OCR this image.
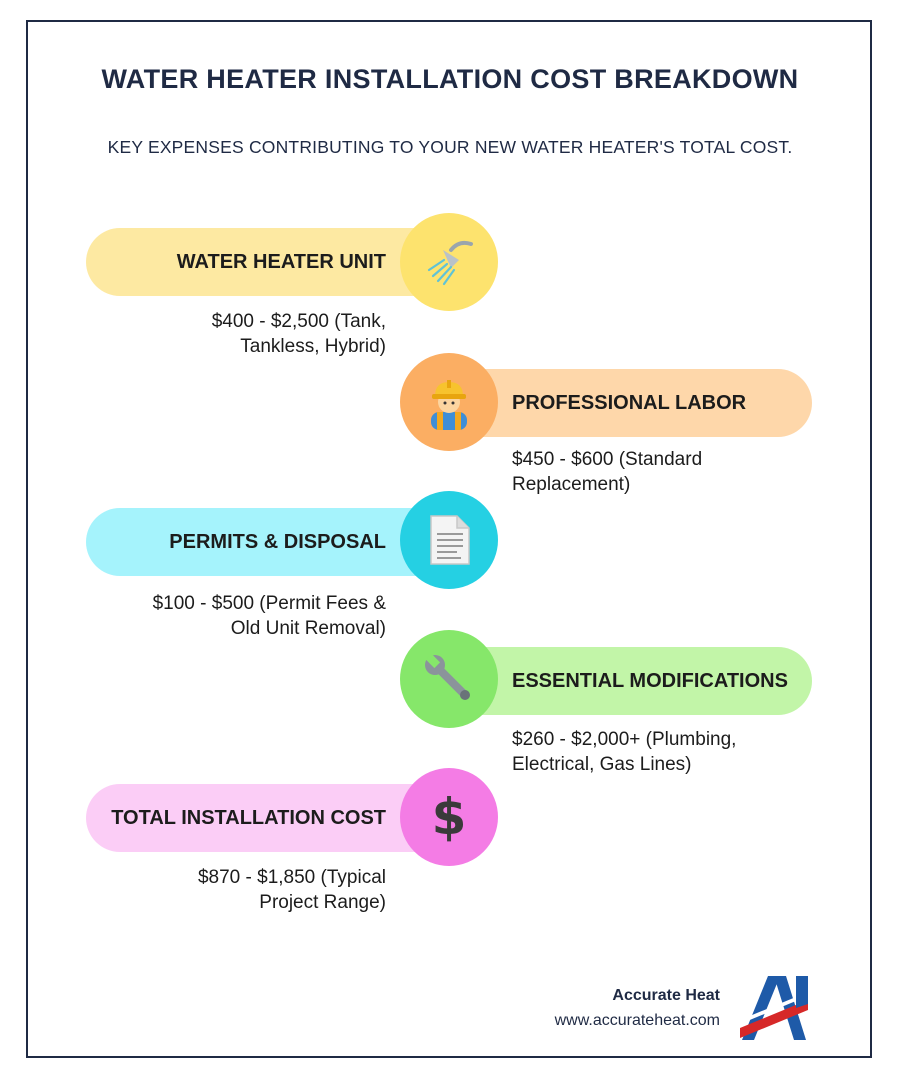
WATER HEATER INSTALLATION COST BREAKDOWN
KEY EXPENSES CONTRIBUTING TO YOUR NEW WATER HEATER'S TOTAL COST.
WATER HEATER UNIT
$400 - $2,500 (Tank,
Tankless, Hybrid)
PROFESSIONAL LABOR
$450 - $600 (Standard
Replacement)
PERMITS & DISPOSAL
$100 - $500 (Permit Fees &
Old Unit Removal)
ESSENTIAL MODIFICATIONS
$260 - $2,000+ (Plumbing,
Electrical, Gas Lines)
TOTAL INSTALLATION COST $
$870 - $1,850 (Typical
Project Range)
Accurate Heat
www.accurateheat.com
